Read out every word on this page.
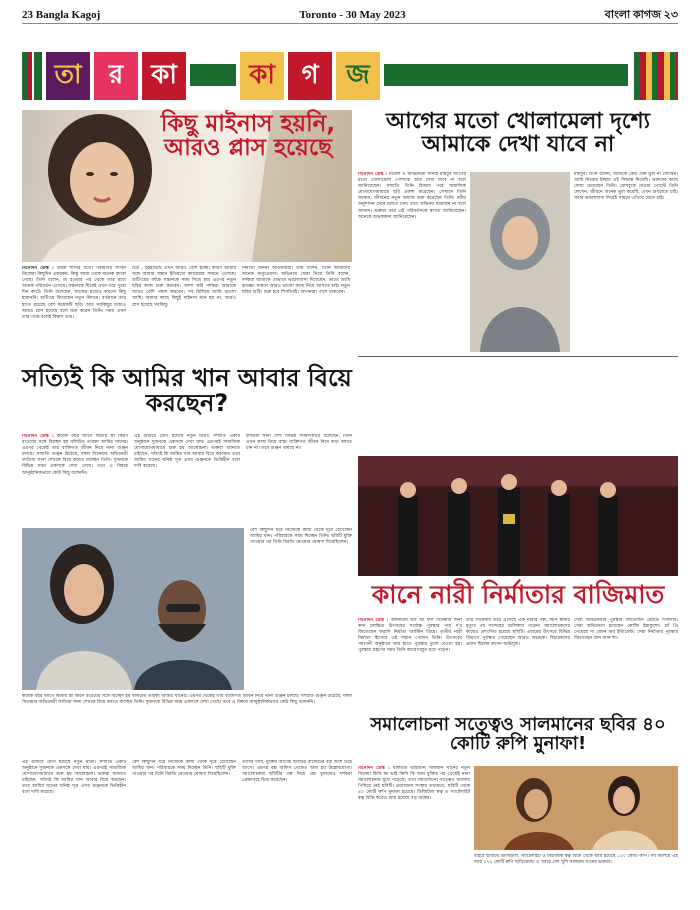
23 Bangla Kagoj	Toronto - 30 May 2023	বাংলা কাগজ ২৩
তা	র	কা	কা	গ	জ
কিছু মাইনাস হয়নি, আরও প্লাস হয়েছে
বিনোদন ডেস্ক : উত্তম শাসির মতো পরীমণির জীবন নিজেরা কিছুদিন একরকম, কিন্তু আজ থেকে অনেক বদলে গেছে। তিনি বলেন, মা হওয়ার পর থেকে তার মধ্যে অনেক পরিবর্তন এসেছে। সন্তানকে ঘিরেই এখন তার পুরো দিন কাটে। তিনি বলেছেন, কাজের মধ্যেও কখনো কিছু হারাননি। শুটিংয়ে ফিরেছেন নতুন উদ্যমে। বর্তমানে তার হাতে রয়েছে বেশ কয়েকটি ছবি। আর সবকিছুর মধ্যেও আরও প্লাস হয়েছে বলে মনে করেন তিনি। সময় এখন তার পক্ষে বলেই বিশ্বাস তার।
চিত্র ; হইহয়েছে এখন আরও বেশি হচ্ছে। কারণ আমার সঙ্গে আমার সন্তান ইতিমধ্যে ক্যামেরার সামনে এসেছে। শুটিংয়ের ফাঁকে সন্তানকে সময় দিতে হয়। এরপর নতুন ছবির কাজ শুরু করবেন। আশা করি দর্শকরা আমাকে আরও বেশি পছন্দ করবেন। সব মিলিয়ে আমি ভালো আছি। আমার কাছে কিছুই মাইনাস মনে হয় না, আরও প্লাস হয়েছে সবকিছু।
নির্মাতা জননী আনোয়ারা। তার বলেন, তিনি আমাদের অনেক অনুপ্রেরণা। অভিনয়ে ফেরা নিয়ে তিনি বলেন, দর্শকরা আমাকে যেভাবে ভালোবাসা দিয়েছেন, তাতে আমি কৃতজ্ঞ। সামনে আরও ভালো কাজ নিয়ে আসতে চাই। নতুন ছবির শুটিং শুরু হবে শিগগিরই। আপনারা পাশে থাকবেন।
আগের মতো খোলামেলা দৃশ্যে আমাকে দেখা যাবে না
বিনোদন ডেস্ক : মডেল ও অভিনেত্রী সানাই মাহবুব আগের মতো খোলামেলা পোশাকে আর দেখা যাবে না বলে জানিয়েছেন। সম্প্রতি তিনি হিজাব পরে সামাজিক যোগাযোগমাধ্যমে ছবি প্রকাশ করেছেন। সেখানে তিনি জানান, জীবনের নতুন অধ্যায় শুরু করেছেন তিনি। ধর্মীয় অনুশাসন মেনে চলতে চান। তবে অভিনয় ছাড়ছেন না বলে জানান। ভক্তরা তার এই পরিবর্তনকে স্বাগত জানিয়েছেন। অনেকে শুভকামনা জানিয়েছেন।
মাহবুব। তিনি বলেন, আমাকে কেউ যেন ভুল না বোঝেন। আমি নিজের ইচ্ছায় এই সিদ্ধান্ত নিয়েছি। ভক্তদের কাছে দোয়া চেয়েছেন তিনি। ফেসবুকে দেওয়া পোস্টে তিনি লেখেন, জীবনে অনেক ভুল করেছি, এখন শুধরাতে চাই। সবার ভালোবাসা নিয়েই সামনে এগিয়ে যেতে চাই।
সত্যিই কি আমির খান আবার বিয়ে করছেন?
বিনোদন ডেস্ক : কয়েক বছর আগে দ্বিতীয় স্ত্রী কিরণ রাওয়ের সঙ্গে বিচ্ছেদ হয় বলিউড তারকা আমির খানের। এরপর থেকেই তার ব্যক্তিগত জীবন নিয়ে নানা গুঞ্জন চলছে। সম্প্রতি গুঞ্জন উঠেছে, দঙ্গল সিনেমার অভিনেত্রী ফাতিমা সানা শেখকে বিয়ে করতে যাচ্ছেন তিনি। দুজনকে বিভিন্ন সময় একসঙ্গে দেখা গেছে। তবে এ বিষয়ে আনুষ্ঠানিকভাবে কেউ কিছু বলেননি।
এই গুজবে যোগ হয়েছে নতুন মাত্রা। সম্প্রতি একটি অনুষ্ঠানে দুজনকে একসঙ্গে দেখা যায়। এরপরই সামাজিক যোগাযোগমাধ্যমে শুরু হয় আলোচনা। ভক্তরা জানতে চাইছেন, সত্যিই কি আমির খান আবার বিয়ে করছেন। তবে আমির খানের ঘনিষ্ঠ সূত্র এসব গুঞ্জনকে ভিত্তিহীন বলে দাবি করেছে।
ফাতিমা সানা শেখ বিভিন্ন সাক্ষাৎকারে বলেছেন, তিনি এখন কাজ নিয়ে ব্যস্ত। ব্যক্তিগত জীবন নিয়ে কথা বলতে চান না। তবে গুঞ্জন থামছে না।
বেশ কিছুদিন ধরে নিজেকে কাজ থেকে দূরে রেখেছেন আমির খান। পরিবারকে সময় দিচ্ছেন তিনি। ছবিটি মুক্তি পাওয়ার পর তিনি বিরতি নেওয়ার ঘোষণা দিয়েছিলেন।
কয়েক বছর আগে দ্বিতীয় স্ত্রী কিরণ রাওয়ের সঙ্গে বিচ্ছেদ হয় বলিউড তারকা আমির খানের। এরপর থেকেই তার ব্যক্তিগত জীবন নিয়ে নানা গুঞ্জন চলছে। সম্প্রতি গুঞ্জন উঠেছে, দঙ্গল সিনেমার অভিনেত্রী ফাতিমা সানা শেখকে বিয়ে করতে যাচ্ছেন তিনি। দুজনকে বিভিন্ন সময় একসঙ্গে দেখা গেছে। তবে এ বিষয়ে আনুষ্ঠানিকভাবে কেউ কিছু বলেননি।
কানে নারী নির্মাতার বাজিমাত
বিনোদন ডেস্ক : অ্যানাটমি অব আ ফল সিনেমার জন্য কান চলচ্চিত্র উৎসবের সর্বোচ্চ পুরস্কার পাম দ'র জিতেছেন ফরাসি নির্মাতা জাস্টিন ত্রিয়ে। তৃতীয় নারী নির্মাতা হিসেবে এই সম্মান পেলেন তিনি। উৎসবের সমাপনী অনুষ্ঠানে তার হাতে পুরস্কার তুলে দেওয়া হয়। পুরস্কার গ্রহণের সময় তিনি আবেগাপ্লুত হয়ে পড়েন।
তার সিনেমায় উঠে এসেছে এক নারীর গল্প, যিনি স্বামীর মৃত্যুর পর সন্দেহের তালিকায় পড়েন। সমালোচকদের কাছেও প্রশংসিত হয়েছে ছবিটি। এবারের উৎসবে বিভিন্ন বিভাগে পুরস্কার পেয়েছেন আরও অনেকে। বিচারকদের প্রধান ছিলেন রুবেন অস্টলুন্ড।
সেরা অভিনেত্রীর পুরস্কার জিতেছেন মেরভে দিজদার। সেরা অভিনেতা হয়েছেন কোজি ইয়াকুশো। গ্রাঁ প্রি পেয়েছে দ্য জোন অব ইন্টারেস্ট। সেরা নির্মাতার পুরস্কার জিতেছেন ত্রান আন হুং।
সমালোচনা সত্ত্বেও সালমানের ছবির ৪০ কোটি রুপি মুনাফা!
বিনোদন ডেস্ক : বলিউড ভাইজান সালমান খানের নতুন সিনেমা কিসি কা ভাই কিসি কি জান মুক্তির পর থেকেই নানা সমালোচনার মুখে পড়েছে। তবে সমালোচনা সত্ত্বেও ব্যবসায় পিছিয়ে নেই ছবিটি। প্রযোজনা সংস্থার তথ্যমতে, ছবিটি থেকে ৪০ কোটি রুপি মুনাফা হয়েছে। ডিজিটাল স্বত্ব ও স্যাটেলাইট স্বত্ব বিক্রি করেও আয় হয়েছে বড় অঙ্কের।
বাইরে ছবিটির ডিজিটাল, স্যাটেলাইট ও মিউজিক স্বত্ব বিক্রি থেকে আয় হয়েছে ১০০ কোটি রুপি। সব মিলিয়ে এই আয় ১৭২ কোটি রুপি ছাড়িয়েছে। এ খবরে বেশ খুশি সালমান খানের ভক্তরা।
এই গুজবে যোগ হয়েছে নতুন মাত্রা। সম্প্রতি একটি অনুষ্ঠানে দুজনকে একসঙ্গে দেখা যায়। এরপরই সামাজিক যোগাযোগমাধ্যমে শুরু হয় আলোচনা। ভক্তরা জানতে চাইছেন, সত্যিই কি আমির খান আবার বিয়ে করছেন। তবে আমির খানের ঘনিষ্ঠ সূত্র এসব গুঞ্জনকে ভিত্তিহীন বলে দাবি করেছে।
বেশ কিছুদিন ধরে নিজেকে কাজ থেকে দূরে রেখেছেন আমির খান। পরিবারকে সময় দিচ্ছেন তিনি। ছবিটি মুক্তি পাওয়ার পর তিনি বিরতি নেওয়ার ঘোষণা দিয়েছিলেন।
তাদের দাবি, মুক্তির আগেই ছবিটির বাজেটের বড় অংশ উঠে আসে। এরপর বক্স অফিস থেকেও আয় হয় উল্লেখযোগ্য। সমালোচকরা ছবিটির গল্প নিয়ে প্রশ্ন তুললেও দর্শকরা প্রেক্ষাগৃহে ভিড় করেছেন।
